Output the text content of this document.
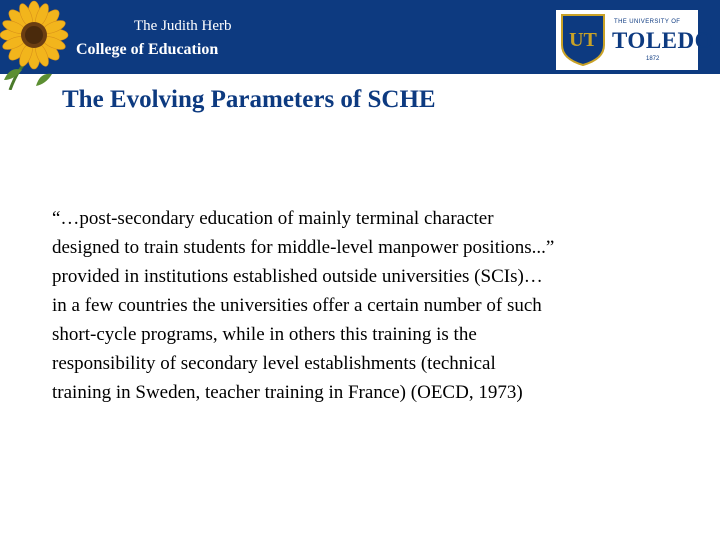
The Judith Herb
College of Education	UT
THE UNIVERSITY OF
TOLEDO
1872
The Evolving Parameters of SCHE
“…post-secondary education of mainly terminal character
designed to train students for middle-level manpower positions...”
provided in institutions established outside universities (SCIs)…
in a few countries the universities offer a certain number of such
short-cycle programs, while in others this training is the
responsibility of secondary level establishments (technical
training in Sweden, teacher training in France) (OECD, 1973)
